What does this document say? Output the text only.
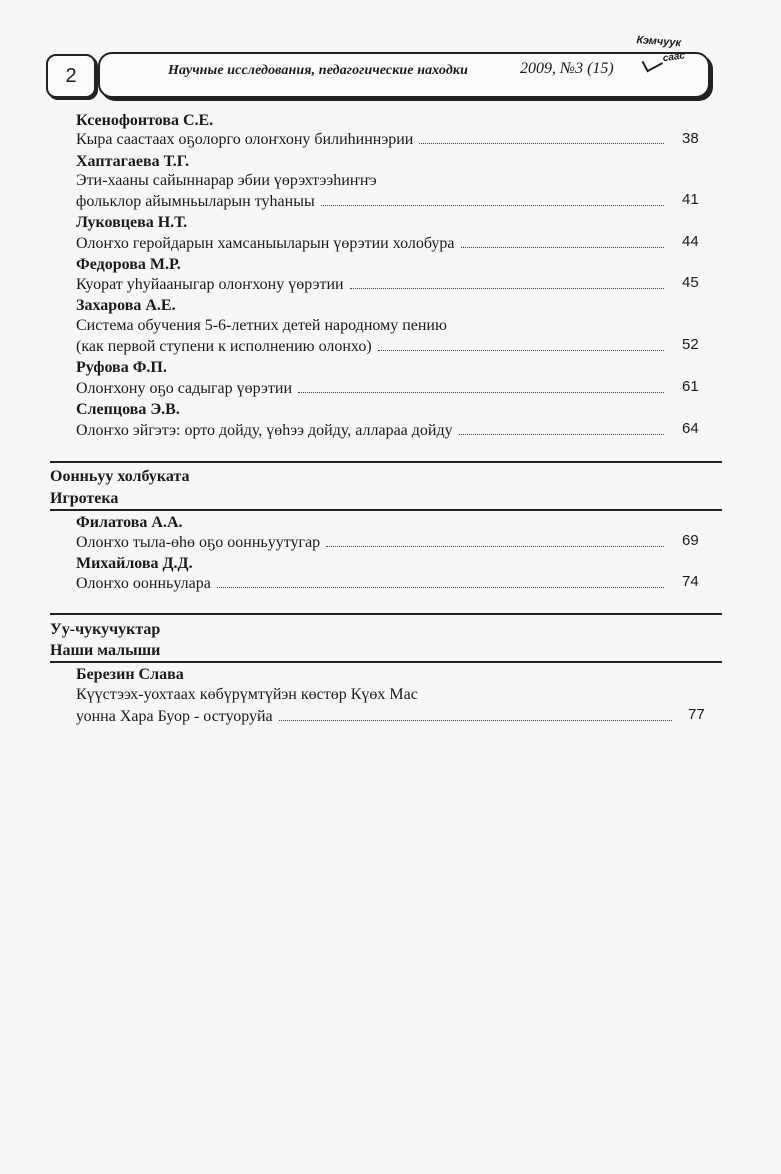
2	Научные исследования, педагогические находки	2009, №3 (15)
Кэмчуук
саас
Ксенофонтова С.Е.
Кыра саастаах оҕолорго олоҥхону билиһиннэрии	38
Хаптагаева Т.Г.
Эти-хааны сайыннарар эбии үөрэхтээһиҥҥэ
фольклор айымньыларын туһаныы	41
Луковцева Н.Т.
Олоҥхо геройдарын хамсаныыларын үөрэтии холобура	44
Федорова М.Р.
Куорат уһуйааныгар олоҥхону үөрэтии	45
Захарова А.Е.
Система обучения 5-6-летних детей народному пению
(как первой ступени к исполнению олонхо)	52
Руфова Ф.П.
Олоҥхону оҕо садыгар үөрэтии	61
Слепцова Э.В.
Олоҥхо эйгэтэ: орто дойду, үөһээ дойду, аллараа дойду	64
Оонньуу холбуката
Игротека
Филатова А.А.
Олоҥхо тыла-өһө оҕо оонньуутугар	69
Михайлова Д.Д.
Олоҥхо оонньулара	74
Уу-чукучуктар
Наши малыши
Березин Слава
Күүстээх-уохтаах көбүрүмтүйэн көстөр Күөх Мас
уонна Хара Буор - остуоруйа	77
